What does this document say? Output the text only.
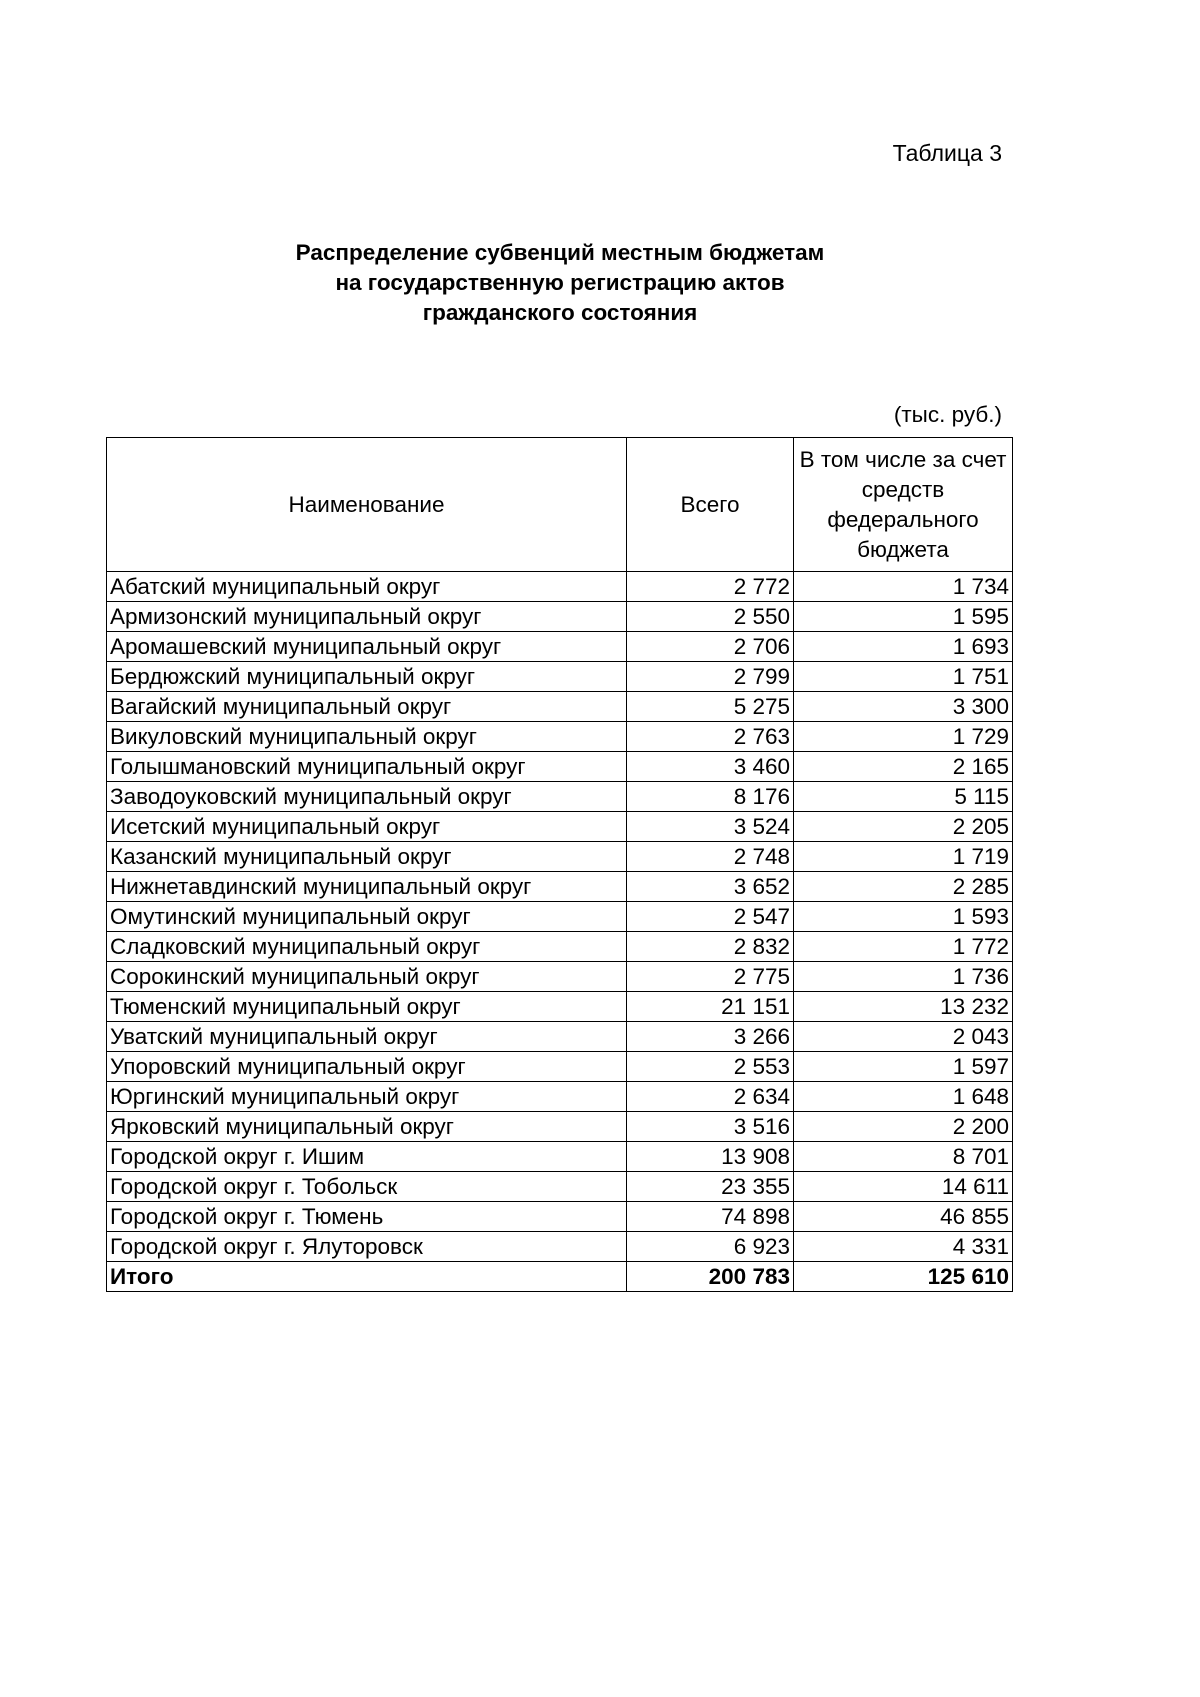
Таблица 3
Распределение субвенций местным бюджетам
на государственную регистрацию актов
гражданского состояния
(тыс. руб.)
Наименование	Всего	В том числе за счет средств федерального бюджета
Абатский муниципальный округ	2 772	1 734
Армизонский муниципальный округ	2 550	1 595
Аромашевский муниципальный округ	2 706	1 693
Бердюжский муниципальный округ	2 799	1 751
Вагайский муниципальный округ	5 275	3 300
Викуловский муниципальный округ	2 763	1 729
Голышмановский муниципальный округ	3 460	2 165
Заводоуковский муниципальный округ	8 176	5 115
Исетский муниципальный округ	3 524	2 205
Казанский муниципальный округ	2 748	1 719
Нижнетавдинский муниципальный округ	3 652	2 285
Омутинский муниципальный округ	2 547	1 593
Сладковский муниципальный округ	2 832	1 772
Сорокинский муниципальный округ	2 775	1 736
Тюменский муниципальный округ	21 151	13 232
Уватский муниципальный округ	3 266	2 043
Упоровский муниципальный округ	2 553	1 597
Юргинский муниципальный округ	2 634	1 648
Ярковский муниципальный округ	3 516	2 200
Городской округ г. Ишим	13 908	8 701
Городской округ г. Тобольск	23 355	14 611
Городской округ г. Тюмень	74 898	46 855
Городской округ г. Ялуторовск	6 923	4 331
Итого	200 783	125 610
